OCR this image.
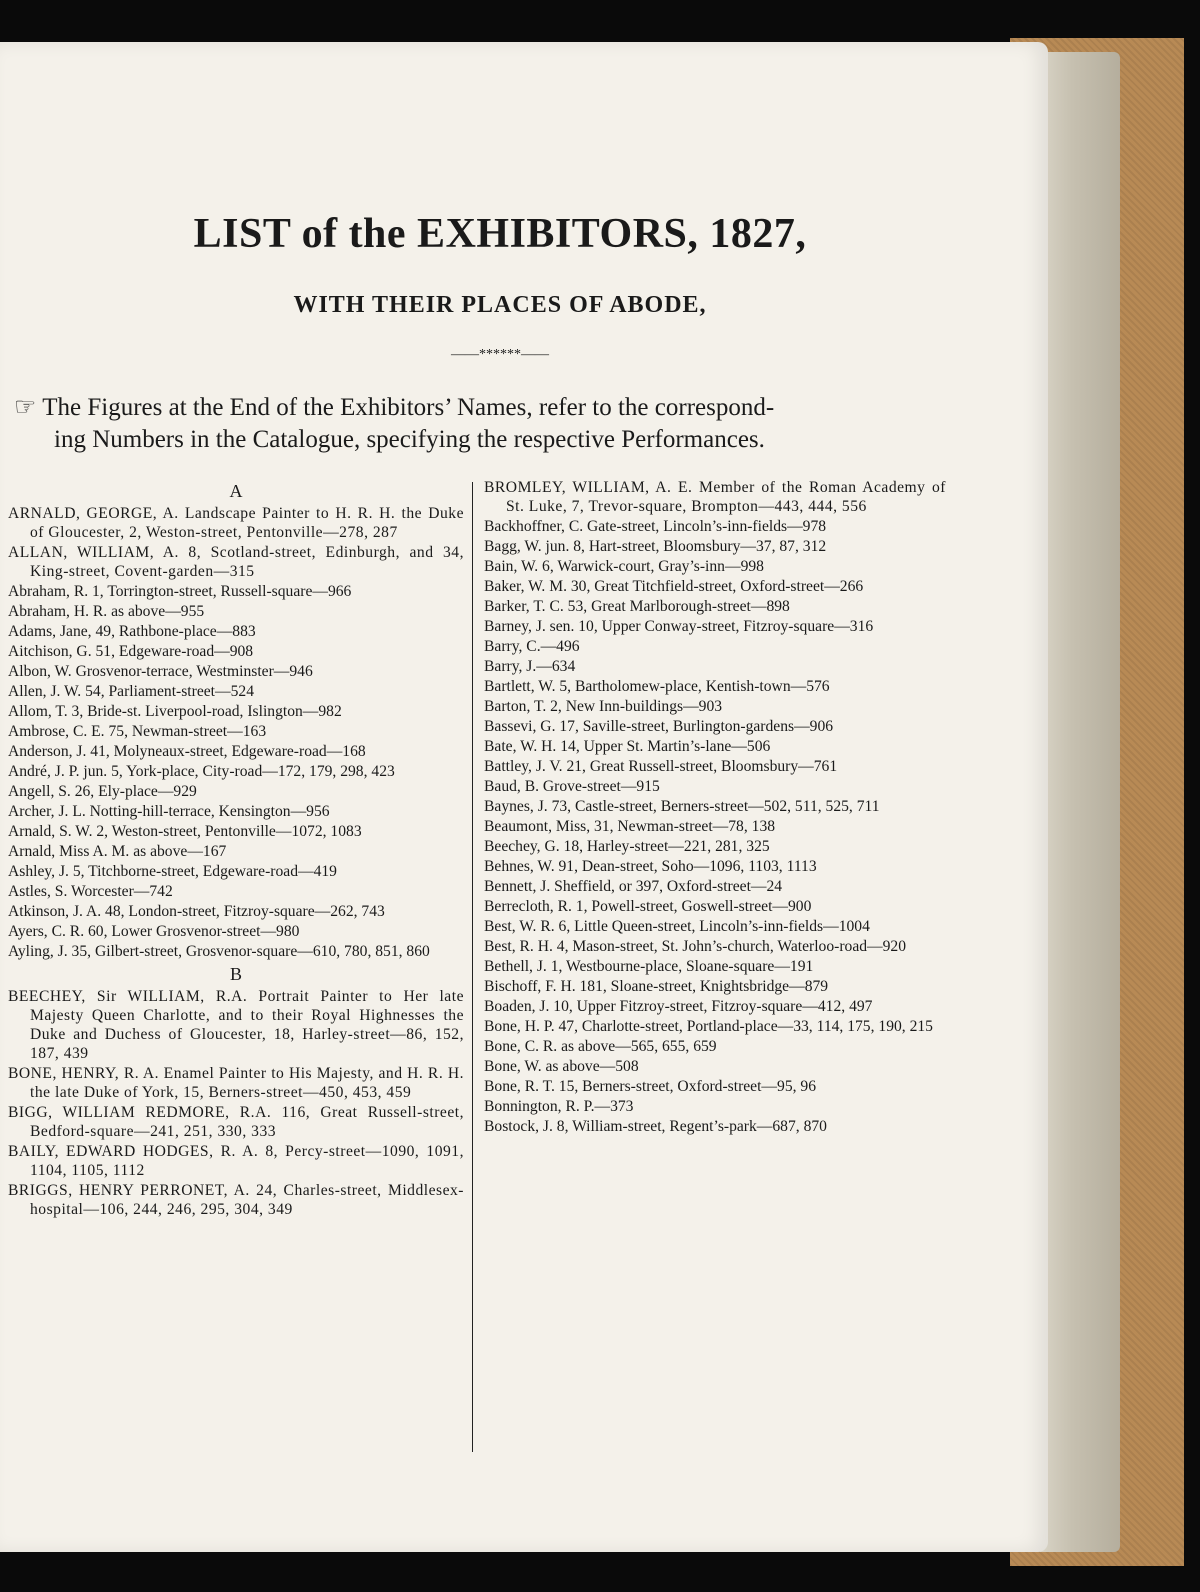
LIST of the EXHIBITORS, 1827,
WITH THEIR PLACES OF ABODE,
——******——

☞ The Figures at the End of the Exhibitors’ Names, refer to the correspond-
ing Numbers in the Catalogue, specifying the respective Performances.

A

ARNALD, GEORGE, A. Landscape Painter to H. R. H. the Duke of Gloucester, 2, Weston-street, Pentonville—278, 287

ALLAN, WILLIAM, A. 8, Scotland-street, Edinburgh, and 34, King-street, Covent-garden—315

Abraham, R. 1, Torrington-street, Russell-square—966

Abraham, H. R. as above—955

Adams, Jane, 49, Rathbone-place—883

Aitchison, G. 51, Edgeware-road—908

Albon, W. Grosvenor-terrace, Westminster—946

Allen, J. W. 54, Parliament-street—524

Allom, T. 3, Bride-st. Liverpool-road, Islington—982

Ambrose, C. E. 75, Newman-street—163

Anderson, J. 41, Molyneaux-street, Edgeware-road—168

André, J. P. jun. 5, York-place, City-road—172, 179, 298, 423

Angell, S. 26, Ely-place—929

Archer, J. L. Notting-hill-terrace, Kensington—956

Arnald, S. W. 2, Weston-street, Pentonville—1072, 1083

Arnald, Miss A. M. as above—167

Ashley, J. 5, Titchborne-street, Edgeware-road—419

Astles, S. Worcester—742

Atkinson, J. A. 48, London-street, Fitzroy-square—262, 743

Ayers, C. R. 60, Lower Grosvenor-street—980

Ayling, J. 35, Gilbert-street, Grosvenor-square—610, 780, 851, 860

B

BEECHEY, Sir WILLIAM, R.A. Portrait Painter to Her late Majesty Queen Charlotte, and to their Royal Highnesses the Duke and Duchess of Gloucester, 18, Harley-street—86, 152, 187, 439

BONE, HENRY, R. A. Enamel Painter to His Majesty, and H. R. H. the late Duke of York, 15, Berners-street—450, 453, 459

BIGG, WILLIAM REDMORE, R.A. 116, Great Russell-street, Bedford-square—241, 251, 330, 333

BAILY, EDWARD HODGES, R. A. 8, Percy-street—1090, 1091, 1104, 1105, 1112

BRIGGS, HENRY PERRONET, A. 24, Charles-street, Middlesex-hospital—106, 244, 246, 295, 304, 349

BROMLEY, WILLIAM, A. E. Member of the Roman Academy of St. Luke, 7, Trevor-square, Brompton—443, 444, 556

Backhoffner, C. Gate-street, Lincoln’s-inn-fields—978

Bagg, W. jun. 8, Hart-street, Bloomsbury—37, 87, 312

Bain, W. 6, Warwick-court, Gray’s-inn—998

Baker, W. M. 30, Great Titchfield-street, Oxford-street—266

Barker, T. C. 53, Great Marlborough-street—898

Barney, J. sen. 10, Upper Conway-street, Fitzroy-square—316

Barry, C.—496

Barry, J.—634

Bartlett, W. 5, Bartholomew-place, Kentish-town—576

Barton, T. 2, New Inn-buildings—903

Bassevi, G. 17, Saville-street, Burlington-gardens—906

Bate, W. H. 14, Upper St. Martin’s-lane—506

Battley, J. V. 21, Great Russell-street, Bloomsbury—761

Baud, B. Grove-street—915

Baynes, J. 73, Castle-street, Berners-street—502, 511, 525, 711

Beaumont, Miss, 31, Newman-street—78, 138

Beechey, G. 18, Harley-street—221, 281, 325

Behnes, W. 91, Dean-street, Soho—1096, 1103, 1113

Bennett, J. Sheffield, or 397, Oxford-street—24

Berrecloth, R. 1, Powell-street, Goswell-street—900

Best, W. R. 6, Little Queen-street, Lincoln’s-inn-fields—1004

Best, R. H. 4, Mason-street, St. John’s-church, Waterloo-road—920

Bethell, J. 1, Westbourne-place, Sloane-square—191

Bischoff, F. H. 181, Sloane-street, Knightsbridge—879

Boaden, J. 10, Upper Fitzroy-street, Fitzroy-square—412, 497

Bone, H. P. 47, Charlotte-street, Portland-place—33, 114, 175, 190, 215

Bone, C. R. as above—565, 655, 659

Bone, W. as above—508

Bone, R. T. 15, Berners-street, Oxford-street—95, 96

Bonnington, R. P.—373

Bostock, J. 8, William-street, Regent’s-park—687, 870
